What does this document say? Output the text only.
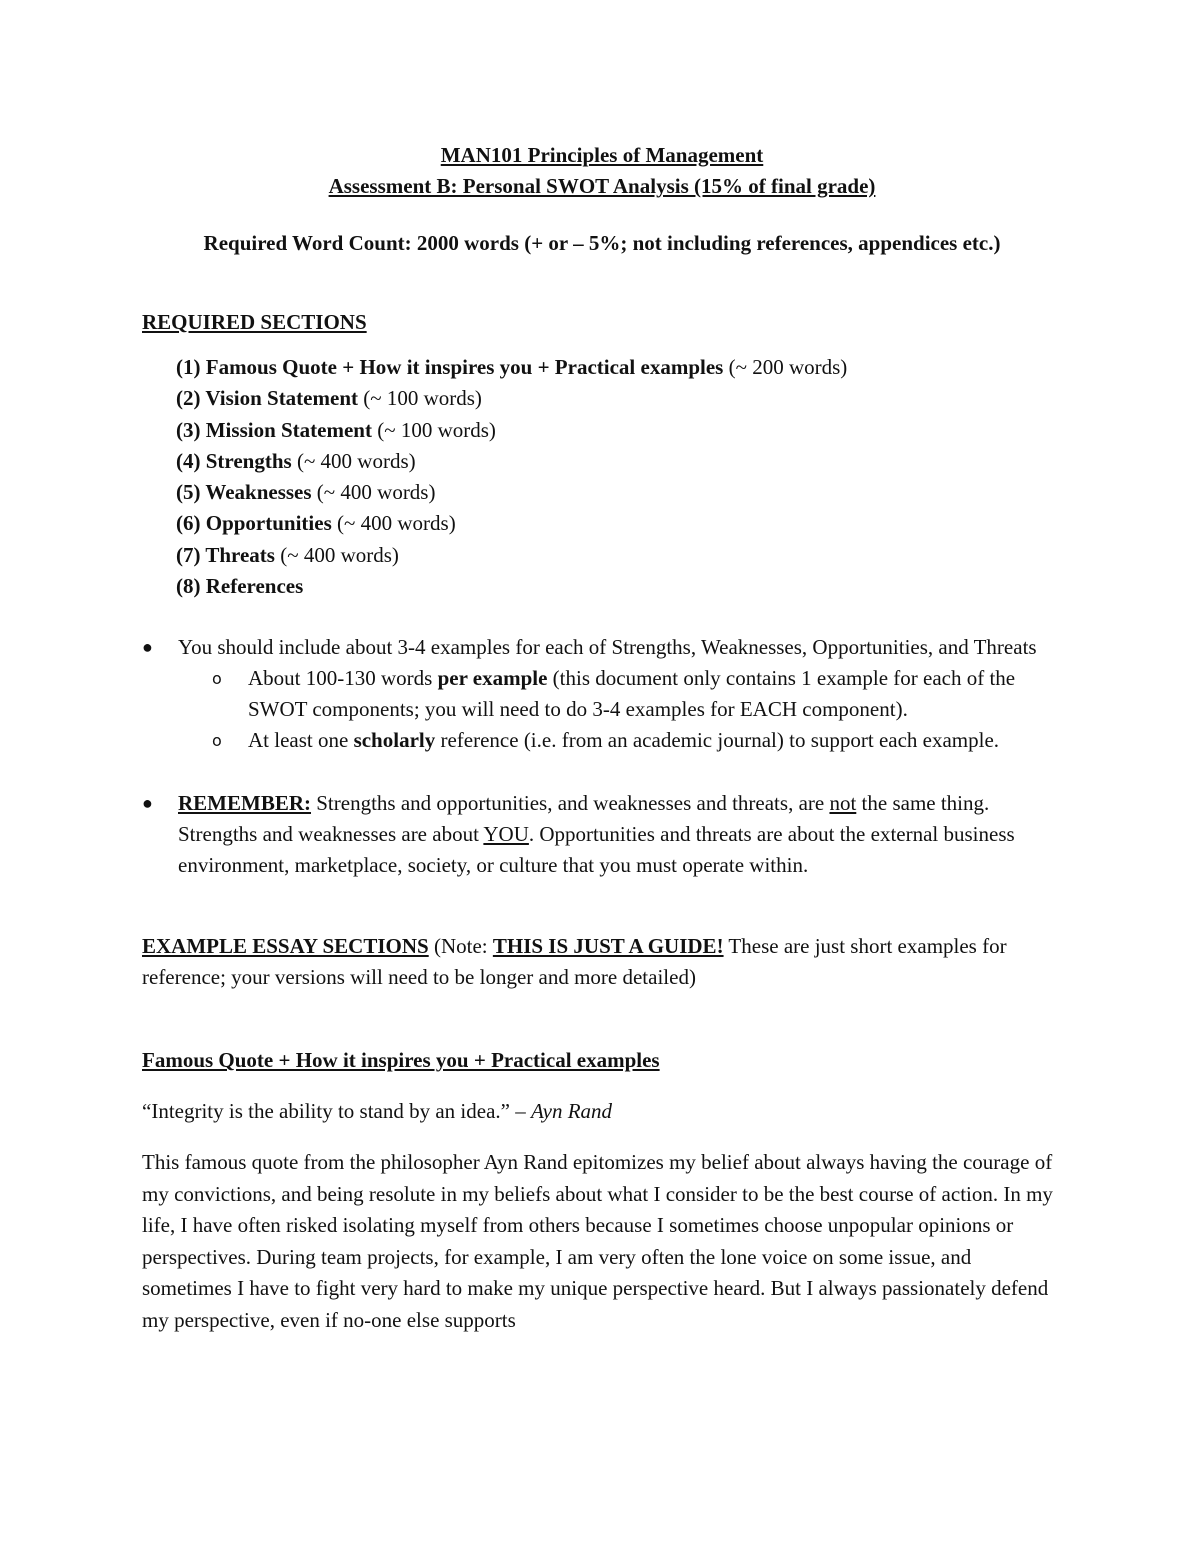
MAN101 Principles of Management
Assessment B: Personal SWOT Analysis (15% of final grade)
Required Word Count: 2000 words (+ or – 5%; not including references, appendices etc.)
REQUIRED SECTIONS
(1) Famous Quote + How it inspires you + Practical examples (~ 200 words)
(2) Vision Statement (~ 100 words)
(3) Mission Statement (~ 100 words)
(4) Strengths (~ 400 words)
(5) Weaknesses (~ 400 words)
(6) Opportunities (~ 400 words)
(7) Threats (~ 400 words)
(8) References
● You should include about 3-4 examples for each of Strengths, Weaknesses, Opportunities, and Threats
o About 100-130 words per example (this document only contains 1 example for each of the SWOT components; you will need to do 3-4 examples for EACH component).
o At least one scholarly reference (i.e. from an academic journal) to support each example.
● REMEMBER: Strengths and opportunities, and weaknesses and threats, are not the same thing. Strengths and weaknesses are about YOU. Opportunities and threats are about the external business environment, marketplace, society, or culture that you must operate within.
EXAMPLE ESSAY SECTIONS (Note: THIS IS JUST A GUIDE! These are just short examples for reference; your versions will need to be longer and more detailed)
Famous Quote + How it inspires you + Practical examples
“Integrity is the ability to stand by an idea.” – Ayn Rand
This famous quote from the philosopher Ayn Rand epitomizes my belief about always having the courage of my convictions, and being resolute in my beliefs about what I consider to be the best course of action. In my life, I have often risked isolating myself from others because I sometimes choose unpopular opinions or perspectives. During team projects, for example, I am very often the lone voice on some issue, and sometimes I have to fight very hard to make my unique perspective heard. But I always passionately defend my perspective, even if no-one else supports
